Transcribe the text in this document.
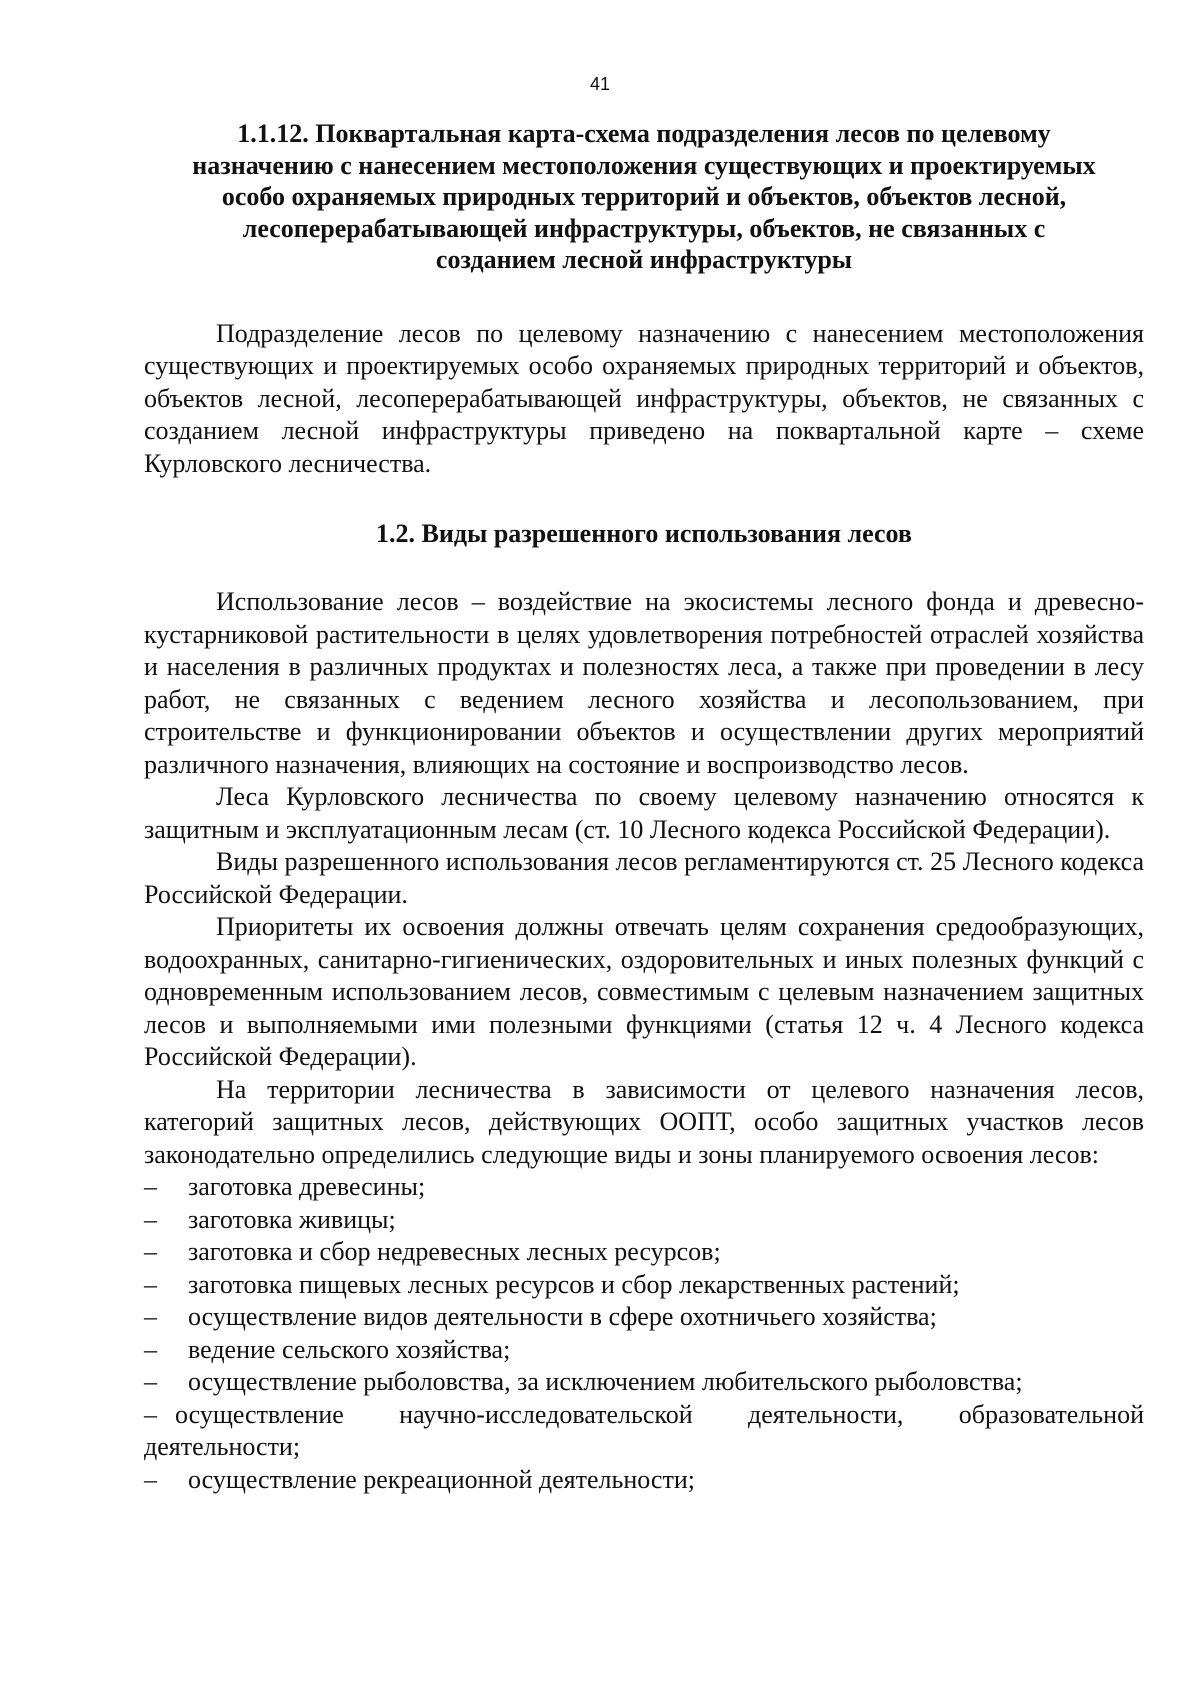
41
1.1.12. Поквартальная карта-схема подразделения лесов по целевому
назначению с нанесением местоположения существующих и проектируемых
особо охраняемых природных территорий и объектов, объектов лесной,
лесоперерабатывающей инфраструктуры, объектов, не связанных с
созданием лесной инфраструктуры

Подразделение лесов по целевому назначению с нанесением местоположения существующих и проектируемых особо охраняемых природных территорий и объектов, объектов лесной, лесоперерабатывающей инфраструктуры, объектов, не связанных с созданием лесной инфраструктуры приведено на поквартальной карте – схеме Курловского лесничества.

1.2. Виды разрешенного использования лесов

Использование лесов – воздействие на экосистемы лесного фонда и древесно-кустарниковой растительности в целях удовлетворения потребностей отраслей хозяйства и населения в различных продуктах и полезностях леса, а также при проведении в лесу работ, не связанных с ведением лесного хозяйства и лесопользованием, при строительстве и функционировании объектов и осуществлении других мероприятий различного назначения, влияющих на состояние и воспроизводство лесов.

Леса Курловского лесничества по своему целевому назначению относятся к защитным и эксплуатационным лесам (ст. 10 Лесного кодекса Российской Федерации).

Виды разрешенного использования лесов регламентируются ст. 25 Лесного кодекса Российской Федерации.

Приоритеты их освоения должны отвечать целям сохранения средообразующих, водоохранных, санитарно-гигиенических, оздоровительных и иных полезных функций с одновременным использованием лесов, совместимым с целевым назначением защитных лесов и выполняемыми ими полезными функциями (статья 12 ч. 4 Лесного кодекса Российской Федерации).

На территории лесничества в зависимости от целевого назначения лесов, категорий защитных лесов, действующих ООПТ, особо защитных участков лесов законодательно определились следующие виды и зоны планируемого освоения лесов:

– заготовка древесины;
– заготовка живицы;
– заготовка и сбор недревесных лесных ресурсов;
– заготовка пищевых лесных ресурсов и сбор лекарственных растений;
– осуществление видов деятельности в сфере охотничьего хозяйства;
– ведение сельского хозяйства;
– осуществление рыболовства, за исключением любительского рыболовства;
– осуществление научно-исследовательской деятельности, образовательной деятельности;
– осуществление рекреационной деятельности;
